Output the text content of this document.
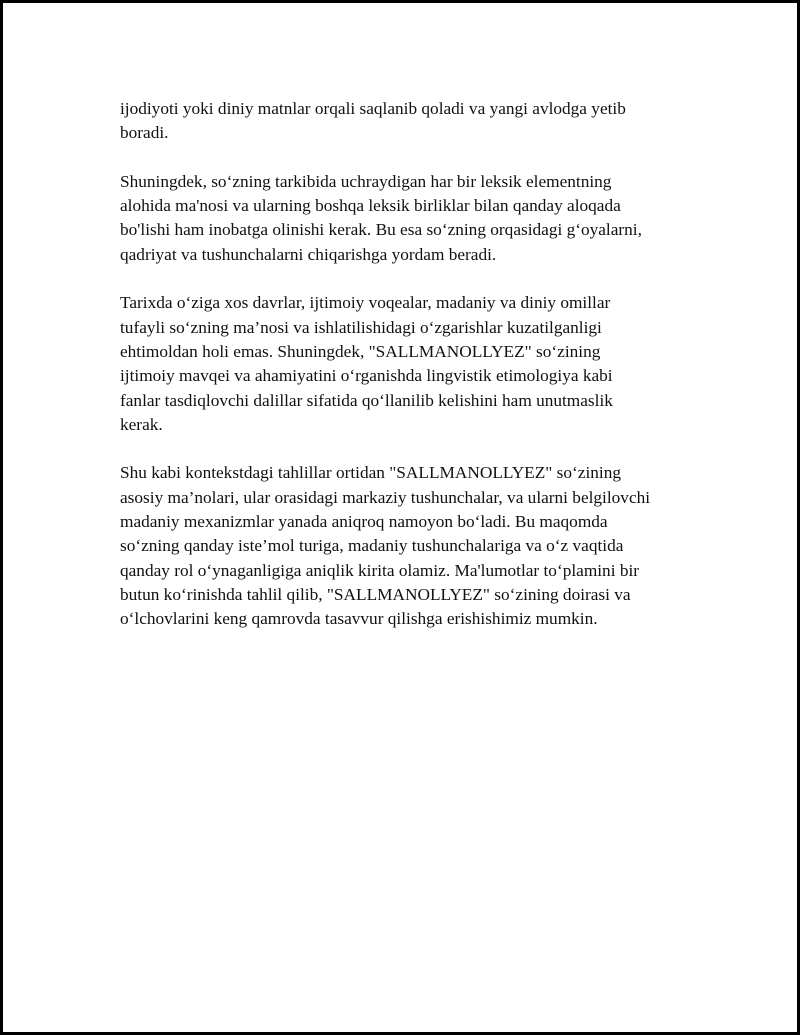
ijodiyoti yoki diniy matnlar orqali saqlanib qoladi va yangi avlodga yetib
boradi.

Shuningdek, so‘zning tarkibida uchraydigan har bir leksik elementning
alohida ma'nosi va ularning boshqa leksik birliklar bilan qanday aloqada
bo'lishi ham inobatga olinishi kerak. Bu esa so‘zning orqasidagi g‘oyalarni,
qadriyat va tushunchalarni chiqarishga yordam beradi.

Tarixda o‘ziga xos davrlar, ijtimoiy voqealar, madaniy va diniy omillar
tufayli so‘zning ma’nosi va ishlatilishidagi o‘zgarishlar kuzatilganligi
ehtimoldan holi emas. Shuningdek, "SALLMANOLLYEZ" so‘zining
ijtimoiy mavqei va ahamiyatini o‘rganishda lingvistik etimologiya kabi
fanlar tasdiqlovchi dalillar sifatida qo‘llanilib kelishini ham unutmaslik
kerak.

Shu kabi kontekstdagi tahlillar ortidan "SALLMANOLLYEZ" so‘zining
asosiy ma’nolari, ular orasidagi markaziy tushunchalar, va ularni belgilovchi
madaniy mexanizmlar yanada aniqroq namoyon bo‘ladi. Bu maqomda
so‘zning qanday iste’mol turiga, madaniy tushunchalariga va o‘z vaqtida
qanday rol o‘ynaganligiga aniqlik kirita olamiz. Ma'lumotlar to‘plamini bir
butun ko‘rinishda tahlil qilib, "SALLMANOLLYEZ" so‘zining doirasi va
o‘lchovlarini keng qamrovda tasavvur qilishga erishishimiz mumkin.
